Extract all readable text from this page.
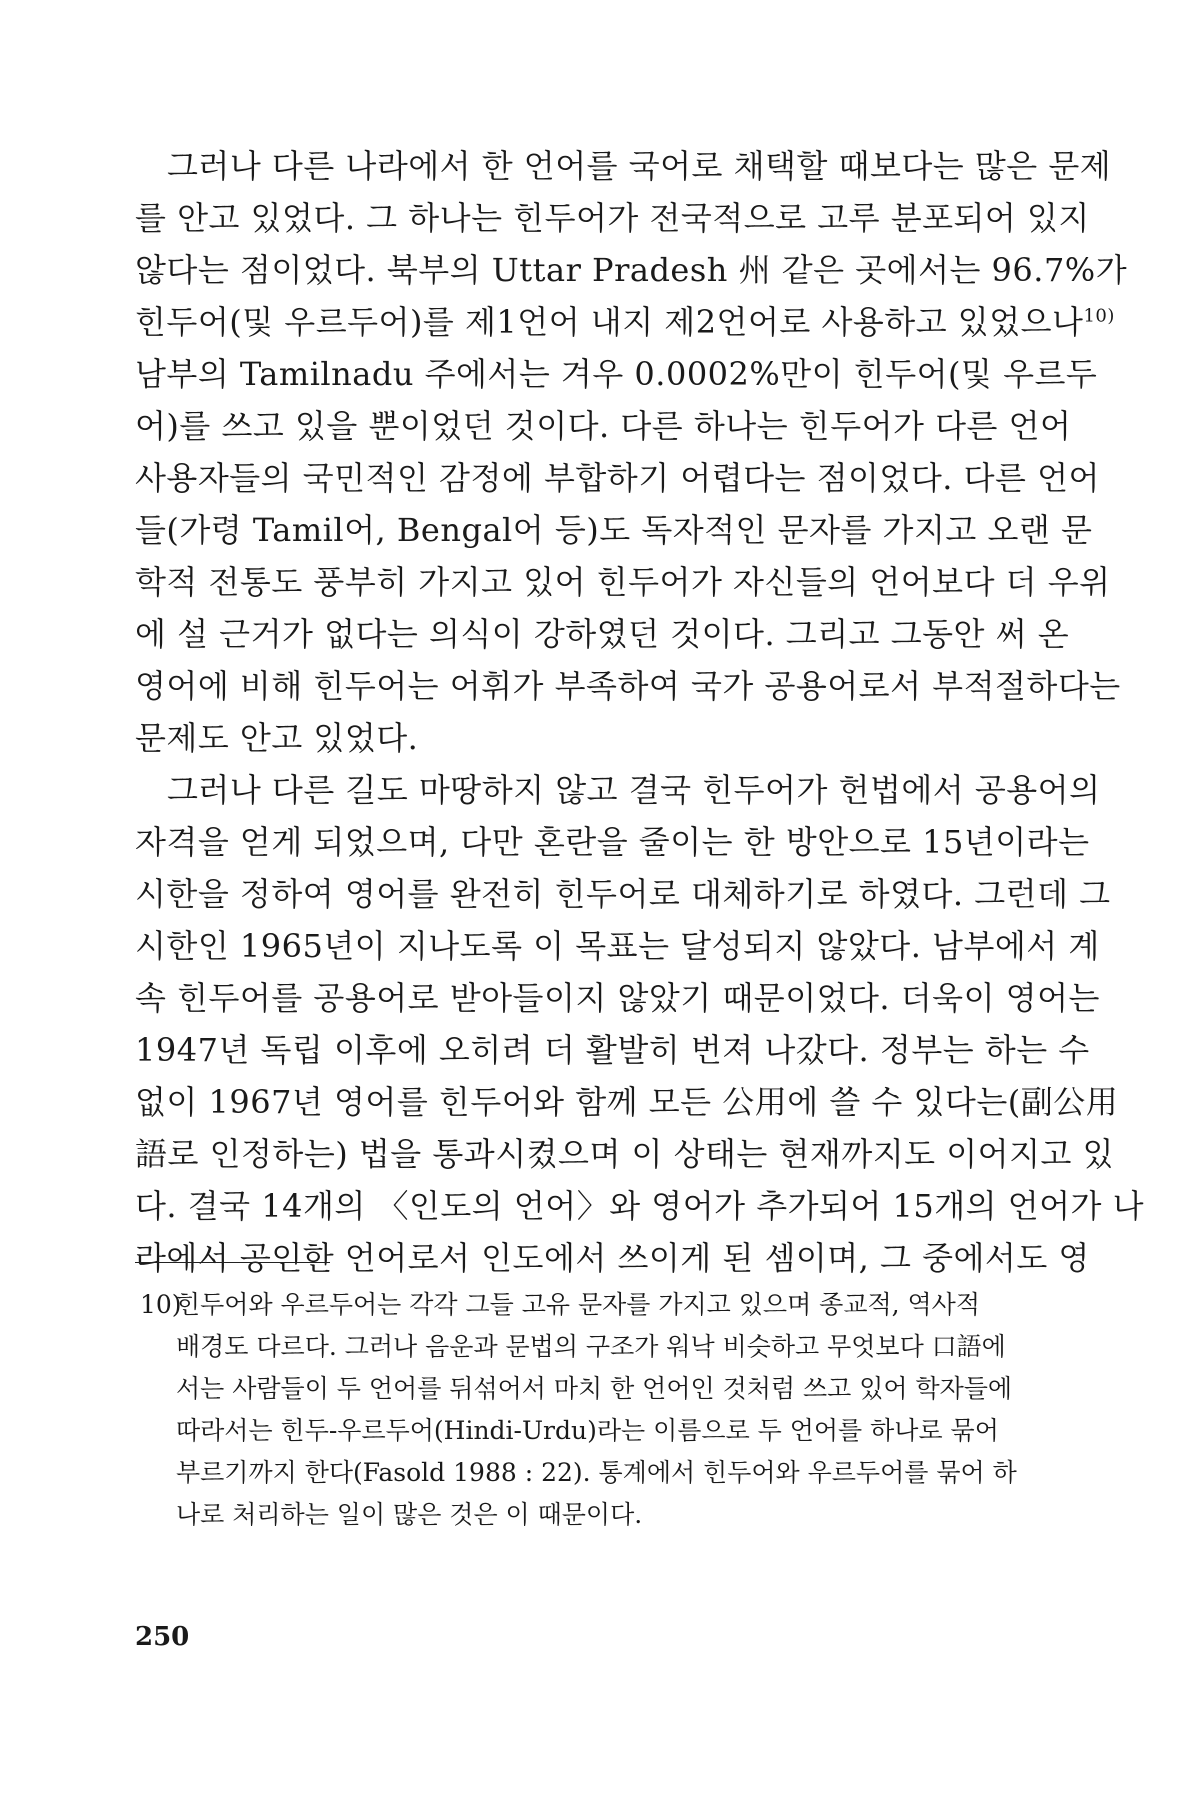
그러나 다른 나라에서 한 언어를 국어로 채택할 때보다는 많은 문제
를 안고 있었다. 그 하나는 힌두어가 전국적으로 고루 분포되어 있지
않다는 점이었다. 북부의 Uttar Pradesh 州 같은 곳에서는 96.7%가
힌두어(및 우르두어)를 제1언어 내지 제2언어로 사용하고 있었으나$^{10)}$
남부의 Tamilnadu 주에서는 겨우 0.0002%만이 힌두어(및 우르두
어)를 쓰고 있을 뿐이었던 것이다. 다른 하나는 힌두어가 다른 언어
사용자들의 국민적인 감정에 부합하기 어렵다는 점이었다. 다른 언어
들(가령 Tamil어, Bengal어 등)도 독자적인 문자를 가지고 오랜 문
학적 전통도 풍부히 가지고 있어 힌두어가 자신들의 언어보다 더 우위
에 설 근거가 없다는 의식이 강하였던 것이다. 그리고 그동안 써 온
영어에 비해 힌두어는 어휘가 부족하여 국가 공용어로서 부적절하다는
문제도 안고 있었다.

그러나 다른 길도 마땅하지 않고 결국 힌두어가 헌법에서 공용어의
자격을 얻게 되었으며, 다만 혼란을 줄이는 한 방안으로 15년이라는
시한을 정하여 영어를 완전히 힌두어로 대체하기로 하였다. 그런데 그
시한인 1965년이 지나도록 이 목표는 달성되지 않았다. 남부에서 계
속 힌두어를 공용어로 받아들이지 않았기 때문이었다. 더욱이 영어는
1947년 독립 이후에 오히려 더 활발히 번져 나갔다. 정부는 하는 수
없이 1967년 영어를 힌두어와 함께 모든 公用에 쓸 수 있다는(副公用
語로 인정하는) 법을 통과시켰으며 이 상태는 현재까지도 이어지고 있
다. 결국 14개의 〈인도의 언어〉와 영어가 추가되어 15개의 언어가 나
라에서 공인한 언어로서 인도에서 쓰이게 된 셈이며, 그 중에서도 영

10)힌두어와 우르두어는 각각 그들 고유 문자를 가지고 있으며 종교적, 역사적
배경도 다르다. 그러나 음운과 문법의 구조가 워낙 비슷하고 무엇보다 口語에
서는 사람들이 두 언어를 뒤섞어서 마치 한 언어인 것처럼 쓰고 있어 학자들에
따라서는 힌두-우르두어(Hindi-Urdu)라는 이름으로 두 언어를 하나로 묶어
부르기까지 한다(Fasold 1988 : 22). 통계에서 힌두어와 우르두어를 묶어 하
나로 처리하는 일이 많은 것은 이 때문이다.
250
